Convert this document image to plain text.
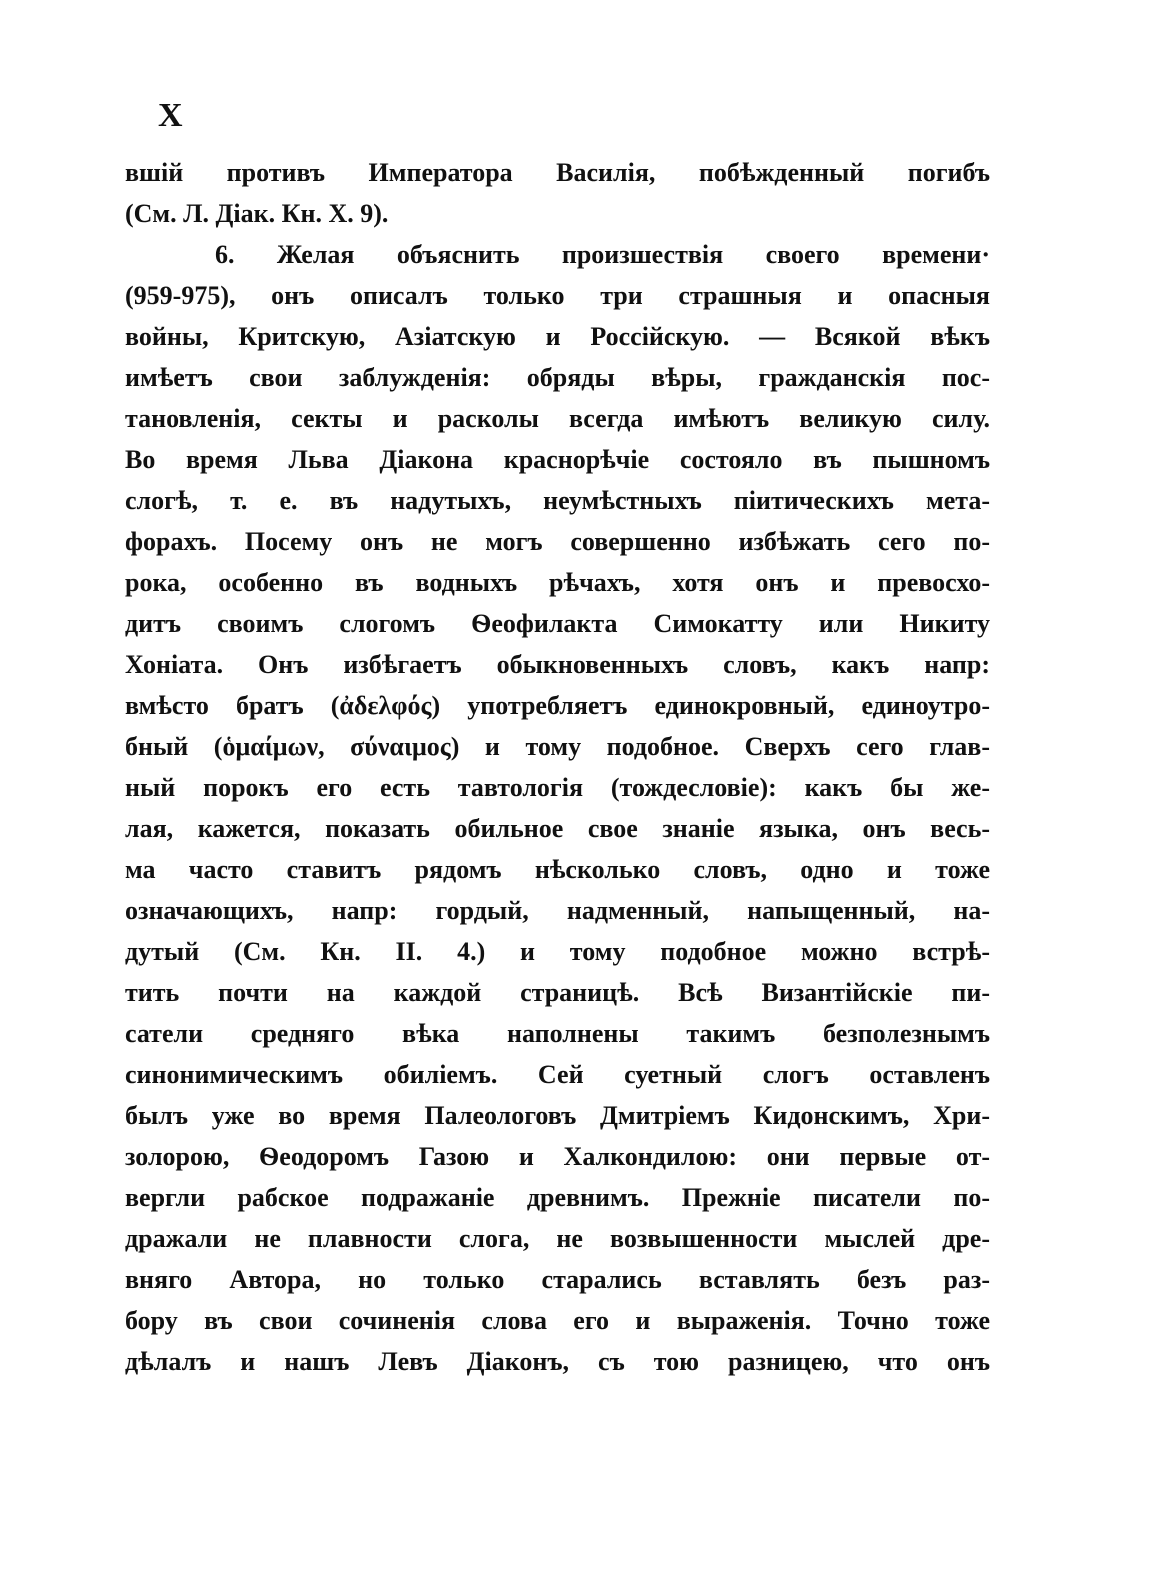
X
вшій противъ Императора Василія, побѣжденный погибъ
(См. Л. Діак. Кн. X. 9).
6. Желая объяснить произшествія своего времени·
(959-975), онъ описалъ только три страшныя и опасныя
войны, Критскую, Азіатскую и Россійскую. — Всякой вѣкъ
имѣетъ свои заблужденія: обряды вѣры, гражданскія пос-
тановленія, секты и расколы всегда имѣютъ великую силу.
Во время Льва Діакона краснорѣчіе состояло въ пышномъ
слогѣ, т. е. въ надутыхъ, неумѣстныхъ піитическихъ мета-
форахъ. Посему онъ не могъ совершенно избѣжать сего по-
рока, особенно въ водныхъ рѣчахъ, хотя онъ и превосхо-
дитъ своимъ слогомъ Ѳеофилакта Симокатту или Никиту
Хоніата. Онъ избѣгаетъ обыкновенныхъ словъ, какъ напр:
вмѣсто братъ (ἀδελφός) употребляетъ единокровный, единоутро-
бный (ὁμαίμων, σύναιμος) и тому подобное. Сверхъ сего глав-
ный порокъ его есть тавтологія (тождесловіе): какъ бы же-
лая, кажется, показать обильное свое знаніе языка, онъ весь-
ма часто ставитъ рядомъ нѣсколько словъ, одно и тоже
означающихъ, напр: гордый, надменный, напыщенный, на-
дутый (См. Кн. II. 4.) и тому подобное можно встрѣ-
тить почти на каждой страницѣ. Всѣ Византійскіе пи-
сатели средняго вѣка наполнены такимъ безполезнымъ
синонимическимъ обиліемъ. Сей суетный слогъ оставленъ
былъ уже во время Палеологовъ Дмитріемъ Кидонскимъ, Хри-
золорою, Ѳеодоромъ Газою и Халкондилою: они первые от-
вергли рабское подражаніе древнимъ. Прежніе писатели по-
дражали не плавности слога, не возвышенности мыслей дре-
вняго Автора, но только старались вставлять безъ раз-
бору въ свои сочиненія слова его и выраженія. Точно тоже
дѣлалъ и нашъ Левъ Діаконъ, съ тою разницею, что онъ
